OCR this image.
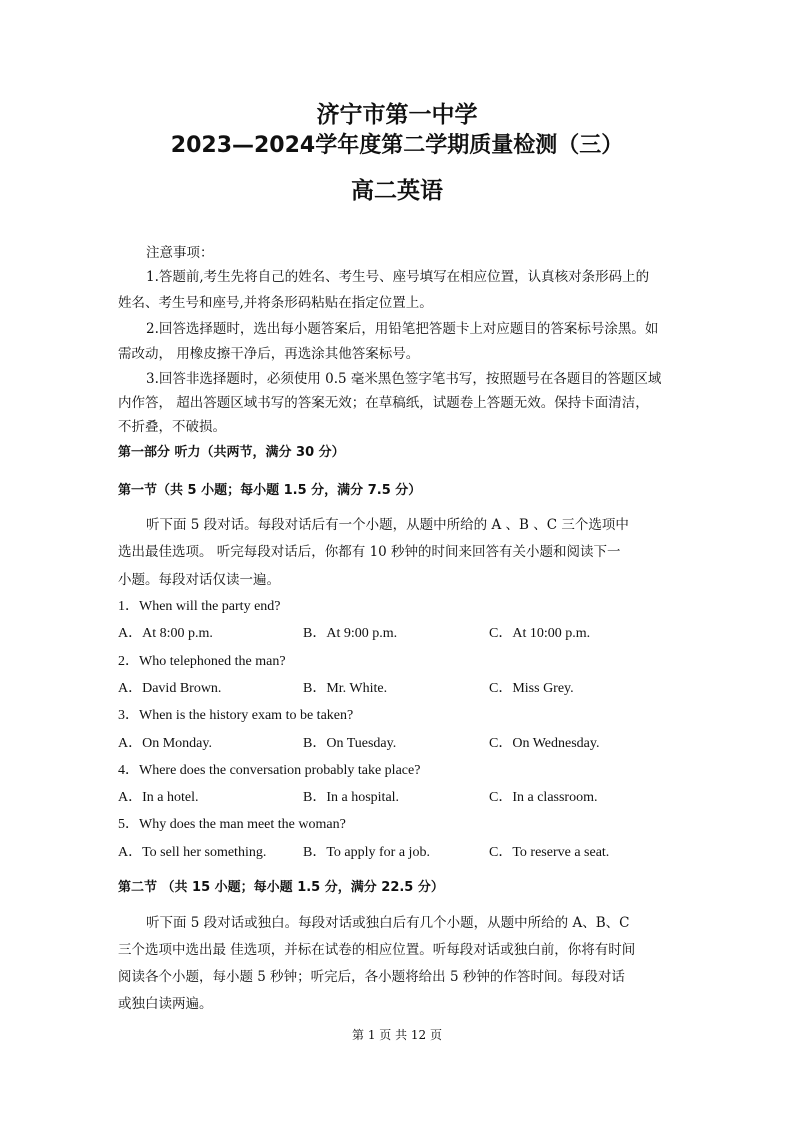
济宁市第一中学
2023—2024学年度第二学期质量检测（三）
高二英语
注意事项：
1.答题前,考生先将自己的姓名、考生号、座号填写在相应位置，认真核对条形码上的
姓名、考生号和座号,并将条形码粘贴在指定位置上。
2.回答选择题时，选出每小题答案后，用铅笔把答题卡上对应题目的答案标号涂黑。如
需改动， 用橡皮擦干净后，再选涂其他答案标号。
3.回答非选择题时，必须使用 0.5 毫米黑色签字笔书写，按照题号在各题目的答题区域
内作答， 超出答题区域书写的答案无效；在草稿纸，试题卷上答题无效。保持卡面清洁，
不折叠，不破损。
第一部分 听力（共两节，满分 30 分）
第一节（共 5 小题；每小题 1.5 分，满分 7.5 分）
听下面 5 段对话。每段对话后有一个小题，从题中所给的 A 、B 、C 三个选项中
选出最佳选项。 听完每段对话后，你都有 10 秒钟的时间来回答有关小题和阅读下一
小题。每段对话仅读一遍。
1．When will the party end?
A．At 8:00 p.m.	B．At 9:00 p.m.	C．At 10:00 p.m.
2．Who telephoned the man?
A．David Brown.	B．Mr. White.	C．Miss Grey.
3．When is the history exam to be taken?
A．On Monday.	B．On Tuesday.	C．On Wednesday.
4．Where does the conversation probably take place?
A．In a hotel.	B．In a hospital.	C．In a classroom.
5．Why does the man meet the woman?
A．To sell her something.	B．To apply for a job.	C．To reserve a seat.
第二节 （共 15 小题；每小题 1.5 分，满分 22.5 分）
听下面 5 段对话或独白。每段对话或独白后有几个小题，从题中所给的 A、B、C
三个选项中选出最 佳选项，并标在试卷的相应位置。听每段对话或独白前，你将有时间
阅读各个小题，每小题 5 秒钟；听完后，各小题将给出 5 秒钟的作答时间。每段对话
或独白读两遍。
第 1 页 共 12 页
